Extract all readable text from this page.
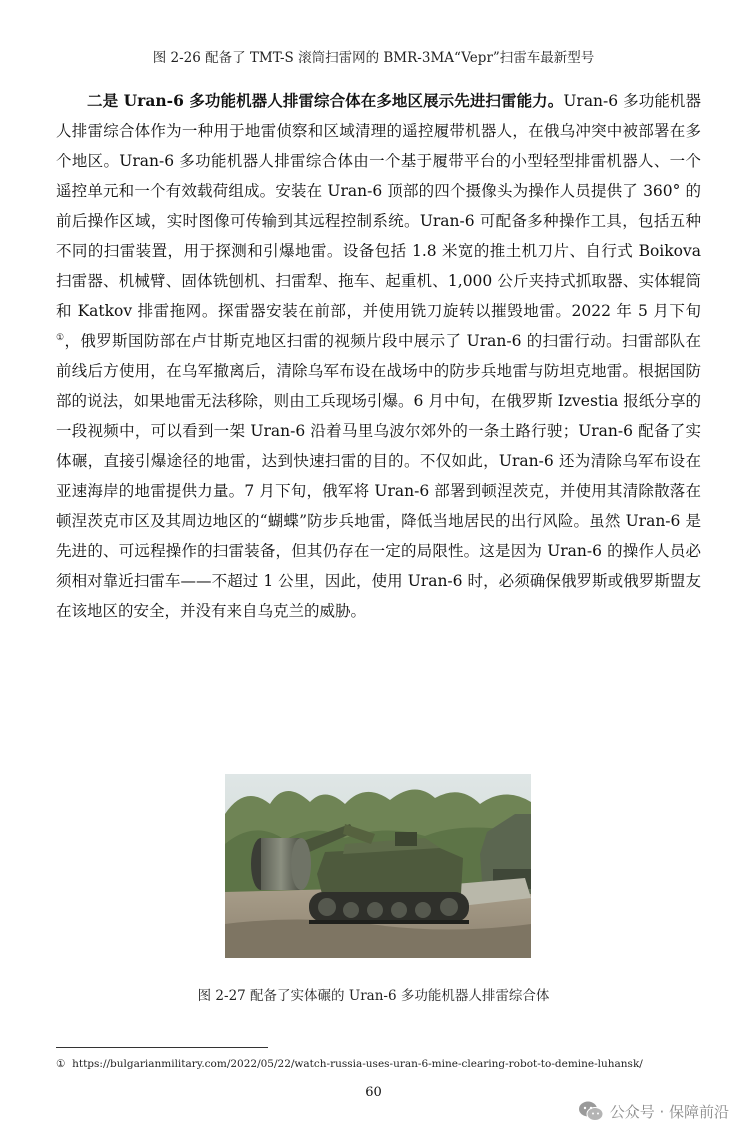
图 2-26 配备了 TMT-S 滚筒扫雷网的 BMR-3MA“Vepr”扫雷车最新型号

二是 Uran-6 多功能机器人排雷综合体在多地区展示先进扫雷能力。Uran-6 多功能机器人排雷综合体作为一种用于地雷侦察和区域清理的遥控履带机器人，在俄乌冲突中被部署在多个地区。Uran-6 多功能机器人排雷综合体由一个基于履带平台的小型轻型排雷机器人、一个遥控单元和一个有效载荷组成。安装在 Uran-6 顶部的四个摄像头为操作人员提供了 360° 的前后操作区域，实时图像可传输到其远程控制系统。Uran-6 可配备多种操作工具，包括五种不同的扫雷装置，用于探测和引爆地雷。设备包括 1.8 米宽的推土机刀片、自行式 Boikova 扫雷器、机械臂、固体铣刨机、扫雷犁、拖车、起重机、1,000 公斤夹持式抓取器、实体辊筒和 Katkov 排雷拖网。探雷器安装在前部，并使用铣刀旋转以摧毁地雷。2022 年 5 月下旬①，俄罗斯国防部在卢甘斯克地区扫雷的视频片段中展示了 Uran-6 的扫雷行动。扫雷部队在前线后方使用，在乌军撤离后，清除乌军布设在战场中的防步兵地雷与防坦克地雷。根据国防部的说法，如果地雷无法移除，则由工兵现场引爆。6 月中旬，在俄罗斯 Izvestia 报纸分享的一段视频中，可以看到一架 Uran-6 沿着马里乌波尔郊外的一条土路行驶；Uran-6 配备了实体碾，直接引爆途径的地雷，达到快速扫雷的目的。不仅如此，Uran-6 还为清除乌军布设在亚速海岸的地雷提供力量。7 月下旬，俄军将 Uran-6 部署到顿涅茨克，并使用其清除散落在顿涅茨克市区及其周边地区的“蝴蝶”防步兵地雷，降低当地居民的出行风险。虽然 Uran-6 是先进的、可远程操作的扫雷装备，但其仍存在一定的局限性。这是因为 Uran-6 的操作人员必须相对靠近扫雷车——不超过 1 公里，因此，使用 Uran-6 时，必须确保俄罗斯或俄罗斯盟友在该地区的安全，并没有来自乌克兰的威胁。

图 2-27 配备了实体碾的 Uran-6 多功能机器人排雷综合体
① https://bulgarianmilitary.com/2022/05/22/watch-russia-uses-uran-6-mine-clearing-robot-to-demine-luhansk/
60
公众号 · 保障前沿
